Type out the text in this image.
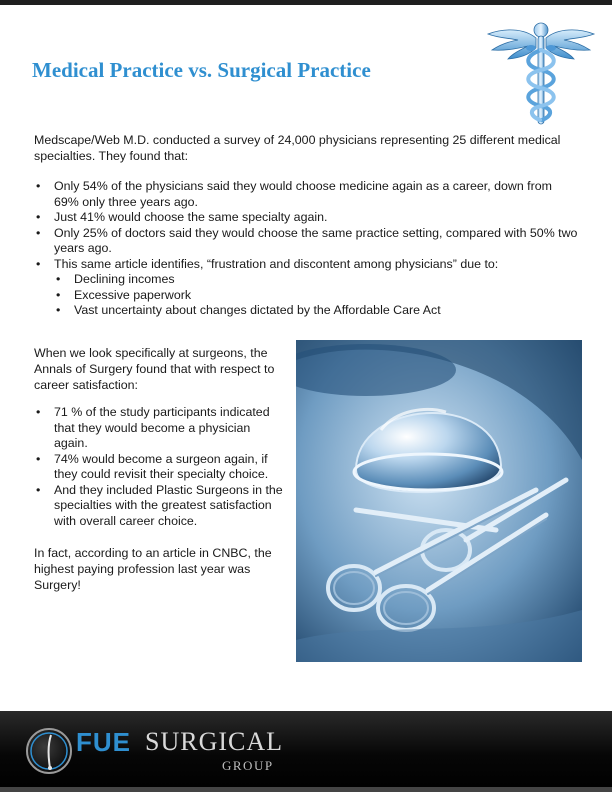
Medical Practice vs. Surgical Practice

Medscape/Web M.D. conducted a survey of 24,000 physicians representing 25 different medical specialties. They found that:

• Only 54% of the physicians said they would choose medicine again as a career, down from 69% only three years ago.
• Just 41% would choose the same specialty again.
• Only 25% of doctors said they would choose the same practice setting, compared with 50% two years ago.
• This same article identifies, “frustration and discontent among physicians” due to:
• Declining incomes
• Excessive paperwork
• Vast uncertainty about changes dictated by the Affordable Care Act

When we look specifically at surgeons, the Annals of Surgery found that with respect to career satisfaction:

• 71 % of the study participants indicated that they would become a physician again.
• 74% would become a surgeon again, if they could revisit their specialty choice.
• And they included Plastic Surgeons in the specialties with the greatest satisfaction with overall career choice.

In fact, according to an article in CNBC, the highest paying profession last year was Surgery!

FUE SURGICAL
GROUP
